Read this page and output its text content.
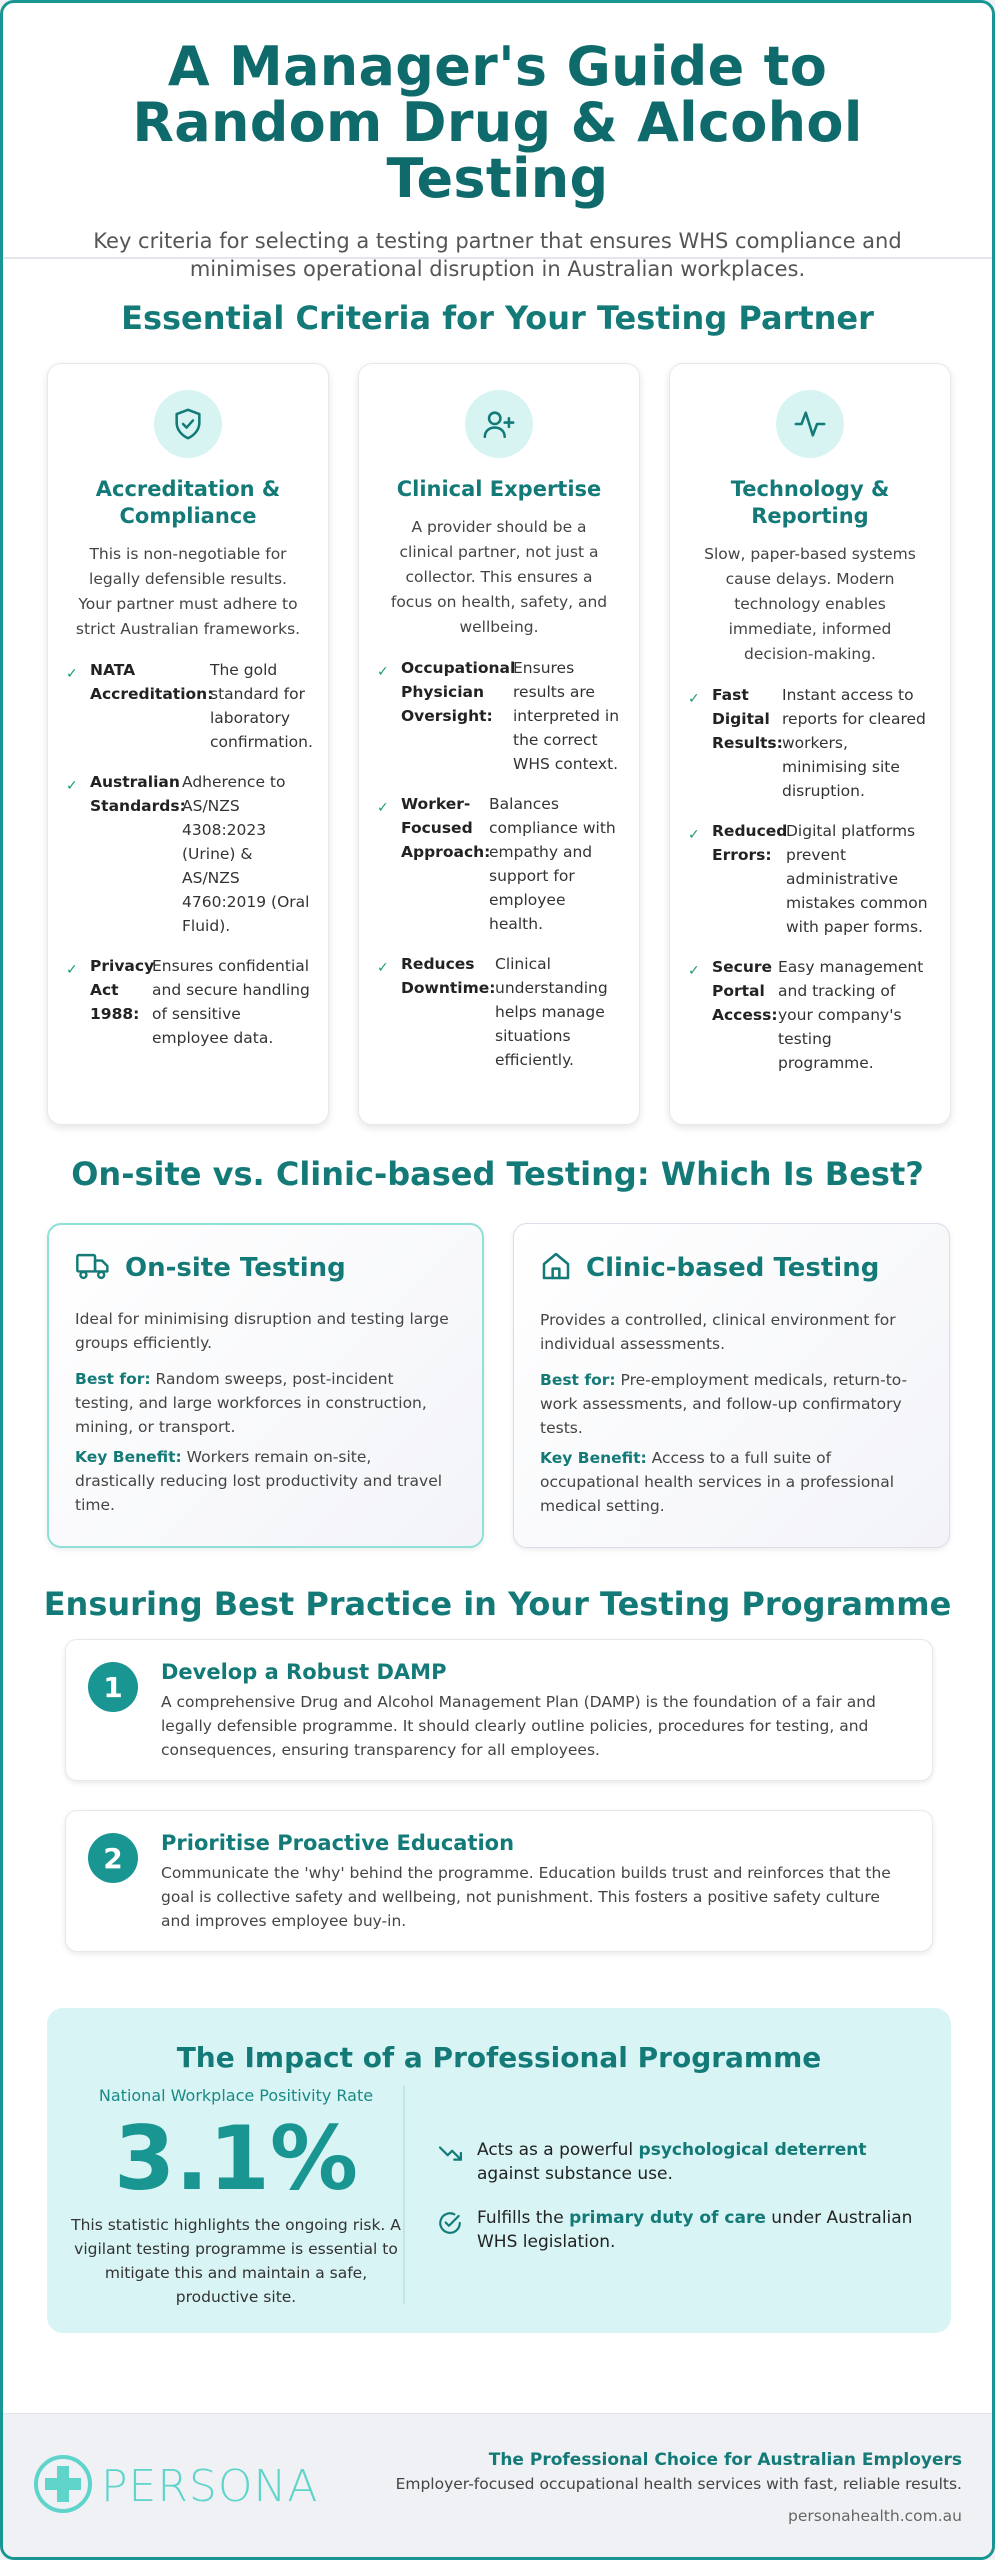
A Manager's Guide to Random Drug & Alcohol Testing

Key criteria for selecting a testing partner that ensures WHS compliance and minimises operational disruption in Australian workplaces.

Essential Criteria for Your Testing Partner
Accreditation & Compliance

This is non-negotiable for legally defensible results. Your partner must adhere to strict Australian frameworks.

✓ NATA Accreditation:
The gold standard for laboratory confirmation.
✓ Australian Standards:
Adherence to AS/NZS 4308:2023 (Urine) & AS/NZS 4760:2019 (Oral Fluid).
✓ Privacy Act 1988:
Ensures confidential and secure handling of sensitive employee data.
Clinical Expertise

A provider should be a clinical partner, not just a collector. This ensures a focus on health, safety, and wellbeing.

✓ Occupational Physician Oversight:
Ensures results are interpreted in the correct WHS context.
✓ Worker-Focused Approach:
Balances compliance with empathy and support for employee health.
✓ Reduces Downtime:
Clinical understanding helps manage situations efficiently.
Technology & Reporting

Slow, paper-based systems cause delays. Modern technology enables immediate, informed decision-making.

✓ Fast Digital Results:
Instant access to reports for cleared workers, minimising site disruption.
✓ Reduced Errors:
Digital platforms prevent administrative mistakes common with paper forms.
✓ Secure Portal Access:
Easy management and tracking of your company's testing programme.
On-site vs. Clinic-based Testing: Which Is Best?
On-site Testing

Ideal for minimising disruption and testing large groups efficiently.

Best for: Random sweeps, post-incident testing, and large workforces in construction, mining, or transport.

Key Benefit: Workers remain on-site, drastically reducing lost productivity and travel time.

Clinic-based Testing

Provides a controlled, clinical environment for individual assessments.

Best for: Pre-employment medicals, return-to-work assessments, and follow-up confirmatory tests.

Key Benefit: Access to a full suite of occupational health services in a professional medical setting.

Ensuring Best Practice in Your Testing Programme
1	Develop a Robust DAMP

A comprehensive Drug and Alcohol Management Plan (DAMP) is the foundation of a fair and legally defensible programme. It should clearly outline policies, procedures for testing, and consequences, ensuring transparency for all employees.

2	Prioritise Proactive Education

Communicate the 'why' behind the programme. Education builds trust and reinforces that the goal is collective safety and wellbeing, not punishment. This fosters a positive safety culture and improves employee buy-in.

The Impact of a Professional Programme
National Workplace Positivity Rate
3.1%
This statistic highlights the ongoing risk. A vigilant testing programme is essential to mitigate this and maintain a safe, productive site.
Acts as a powerful psychological deterrent against substance use.
Fulfills the primary duty of care under Australian WHS legislation.
PERSONA
The Professional Choice for Australian Employers
Employer-focused occupational health services with fast, reliable results.
personahealth.com.au
